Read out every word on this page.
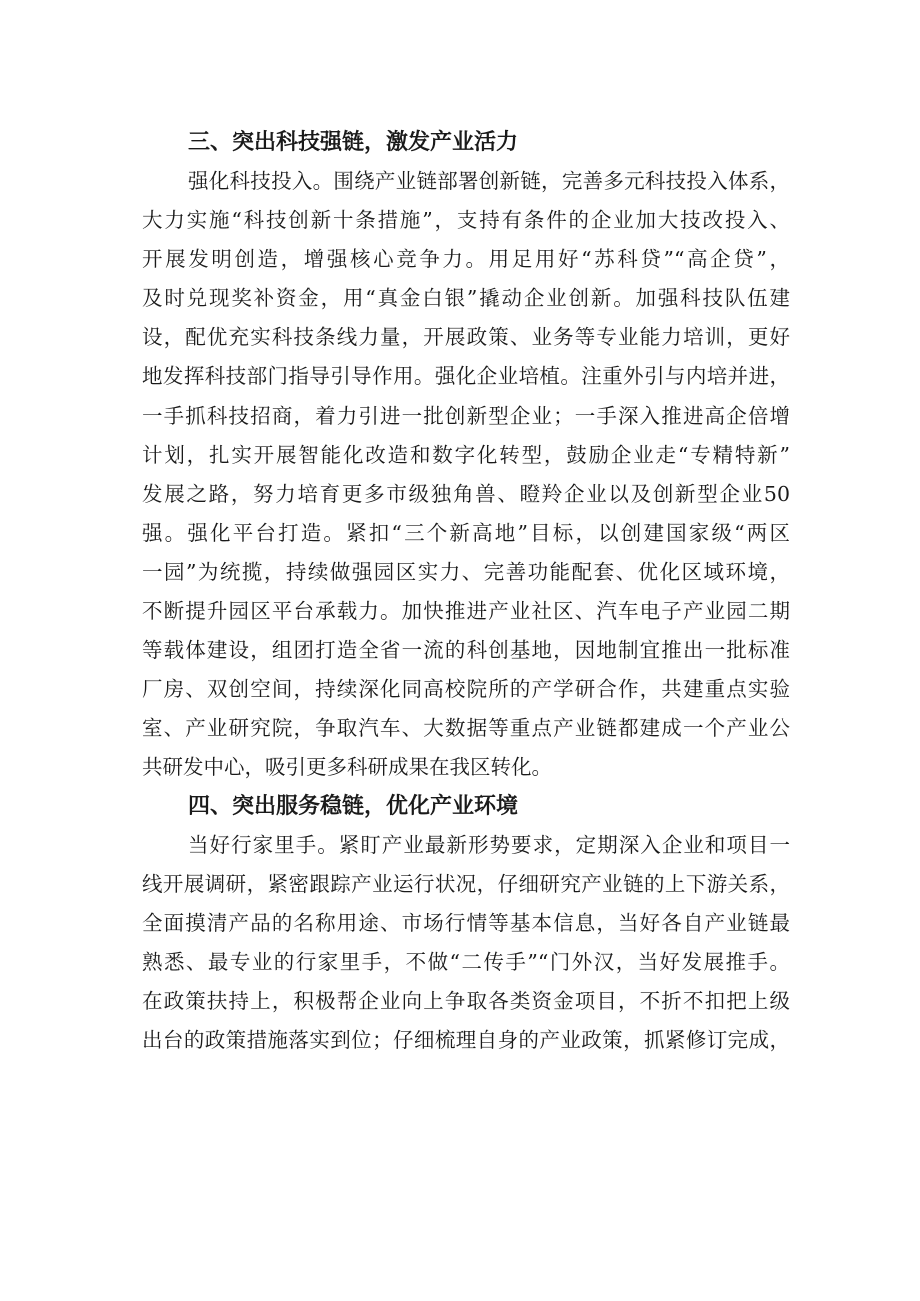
三、突出科技强链，激发产业活力
强化科技投入。围绕产业链部署创新链，完善多元科技投入体系，
大力实施“科技创新十条措施”，支持有条件的企业加大技改投入、
开展发明创造，增强核心竞争力。用足用好“苏科贷”“高企贷”，
及时兑现奖补资金，用“真金白银”撬动企业创新。加强科技队伍建
设，配优充实科技条线力量，开展政策、业务等专业能力培训，更好
地发挥科技部门指导引导作用。强化企业培植。注重外引与内培并进，
一手抓科技招商，着力引进一批创新型企业；一手深入推进高企倍增
计划，扎实开展智能化改造和数字化转型，鼓励企业走“专精特新”
发展之路，努力培育更多市级独角兽、瞪羚企业以及创新型企业50
强。强化平台打造。紧扣“三个新高地”目标，以创建国家级“两区
一园”为统揽，持续做强园区实力、完善功能配套、优化区域环境，
不断提升园区平台承载力。加快推进产业社区、汽车电子产业园二期
等载体建设，组团打造全省一流的科创基地，因地制宜推出一批标准
厂房、双创空间，持续深化同高校院所的产学研合作，共建重点实验
室、产业研究院，争取汽车、大数据等重点产业链都建成一个产业公
共研发中心，吸引更多科研成果在我区转化。
四、突出服务稳链，优化产业环境
当好行家里手。紧盯产业最新形势要求，定期深入企业和项目一
线开展调研，紧密跟踪产业运行状况，仔细研究产业链的上下游关系，
全面摸清产品的名称用途、市场行情等基本信息，当好各自产业链最
熟悉、最专业的行家里手，不做“二传手”“门外汉，当好发展推手。
在政策扶持上，积极帮企业向上争取各类资金项目，不折不扣把上级
出台的政策措施落实到位；仔细梳理自身的产业政策，抓紧修订完成，
